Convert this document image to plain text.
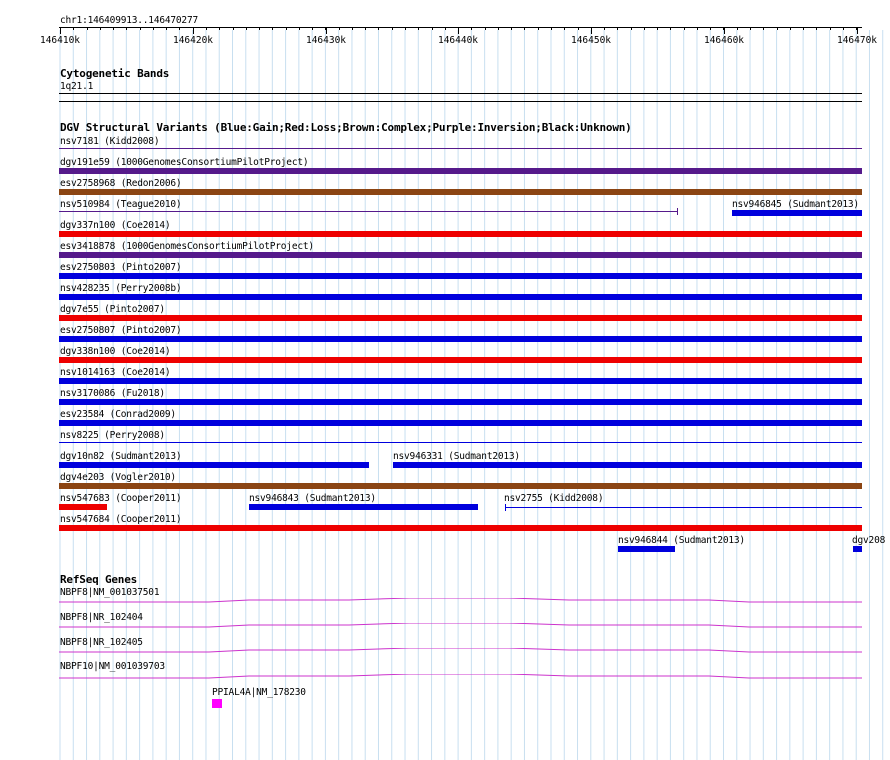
chr1:146409913..146470277
146410k	146420k	146430k	146440k	146450k	146460k	146470k
Cytogenetic Bands
1q21.1
DGV Structural Variants (Blue:Gain;Red:Loss;Brown:Complex;Purple:Inversion;Black:Unknown)
nsv7181 (Kidd2008)
dgv191e59 (1000GenomesConsortiumPilotProject)
esv2758968 (Redon2006)
nsv510984 (Teague2010)	nsv946845 (Sudmant2013)
dgv337n100 (Coe2014)
esv3418878 (1000GenomesConsortiumPilotProject)
esv2750803 (Pinto2007)
nsv428235 (Perry2008b)
dgv7e55 (Pinto2007)
esv2750807 (Pinto2007)
dgv338n100 (Coe2014)
nsv1014163 (Coe2014)
nsv3170086 (Fu2018)
esv23584 (Conrad2009)
nsv8225 (Perry2008)
dgv10n82 (Sudmant2013)	nsv946331 (Sudmant2013)
dgv4e203 (Vogler2010)
nsv547683 (Cooper2011)	nsv946843 (Sudmant2013)	nsv2755 (Kidd2008)
nsv547684 (Cooper2011)
nsv946844 (Sudmant2013)	dgv208
RefSeq Genes
NBPF8|NM_001037501
NBPF8|NR_102404
NBPF8|NR_102405
NBPF10|NM_001039703
PPIAL4A|NM_178230
